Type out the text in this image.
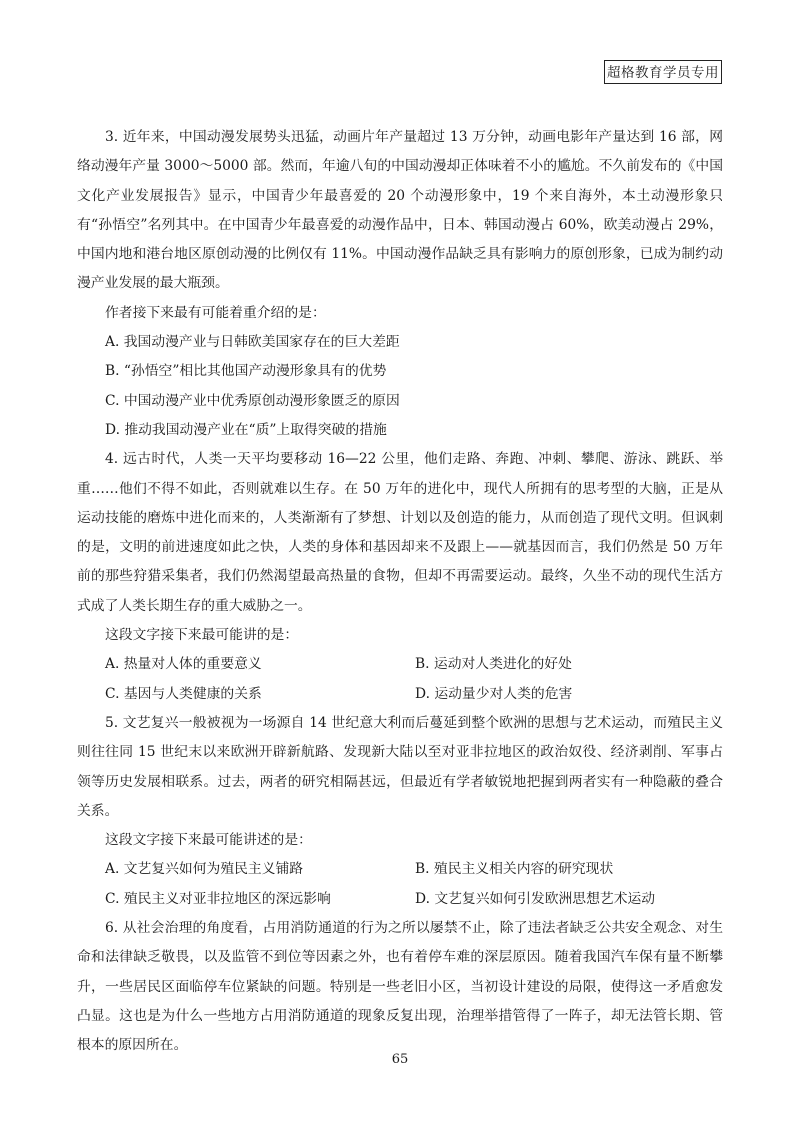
超格教育学员专用

3. 近年来，中国动漫发展势头迅猛，动画片年产量超过 13 万分钟，动画电影年产量达到 16 部，网络动漫年产量 3000～5000 部。然而，年逾八旬的中国动漫却正体味着不小的尴尬。不久前发布的《中国文化产业发展报告》显示，中国青少年最喜爱的 20 个动漫形象中，19 个来自海外，本土动漫形象只有“孙悟空”名列其中。在中国青少年最喜爱的动漫作品中，日本、韩国动漫占 60%，欧美动漫占 29%，中国内地和港台地区原创动漫的比例仅有 11%。中国动漫作品缺乏具有影响力的原创形象，已成为制约动漫产业发展的最大瓶颈。

作者接下来最有可能着重介绍的是：

A. 我国动漫产业与日韩欧美国家存在的巨大差距

B. “孙悟空”相比其他国产动漫形象具有的优势

C. 中国动漫产业中优秀原创动漫形象匮乏的原因

D. 推动我国动漫产业在“质”上取得突破的措施

4. 远古时代，人类一天平均要移动 16—22 公里，他们走路、奔跑、冲刺、攀爬、游泳、跳跃、举重……他们不得不如此，否则就难以生存。在 50 万年的进化中，现代人所拥有的思考型的大脑，正是从运动技能的磨炼中进化而来的，人类渐渐有了梦想、计划以及创造的能力，从而创造了现代文明。但讽刺的是，文明的前进速度如此之快，人类的身体和基因却来不及跟上——就基因而言，我们仍然是 50 万年前的那些狩猎采集者，我们仍然渴望最高热量的食物，但却不再需要运动。最终，久坐不动的现代生活方式成了人类长期生存的重大威胁之一。

这段文字接下来最可能讲的是：

A. 热量对人体的重要意义	B. 运动对人类进化的好处
C. 基因与人类健康的关系	D. 运动量少对人类的危害

5. 文艺复兴一般被视为一场源自 14 世纪意大利而后蔓延到整个欧洲的思想与艺术运动，而殖民主义则往往同 15 世纪末以来欧洲开辟新航路、发现新大陆以至对亚非拉地区的政治奴役、经济剥削、军事占领等历史发展相联系。过去，两者的研究相隔甚远，但最近有学者敏锐地把握到两者实有一种隐蔽的叠合关系。

这段文字接下来最可能讲述的是：

A. 文艺复兴如何为殖民主义铺路	B. 殖民主义相关内容的研究现状
C. 殖民主义对亚非拉地区的深远影响	D. 文艺复兴如何引发欧洲思想艺术运动

6. 从社会治理的角度看，占用消防通道的行为之所以屡禁不止，除了违法者缺乏公共安全观念、对生命和法律缺乏敬畏，以及监管不到位等因素之外，也有着停车难的深层原因。随着我国汽车保有量不断攀升，一些居民区面临停车位紧缺的问题。特别是一些老旧小区，当初设计建设的局限，使得这一矛盾愈发凸显。这也是为什么一些地方占用消防通道的现象反复出现，治理举措管得了一阵子，却无法管长期、管根本的原因所在。

65
